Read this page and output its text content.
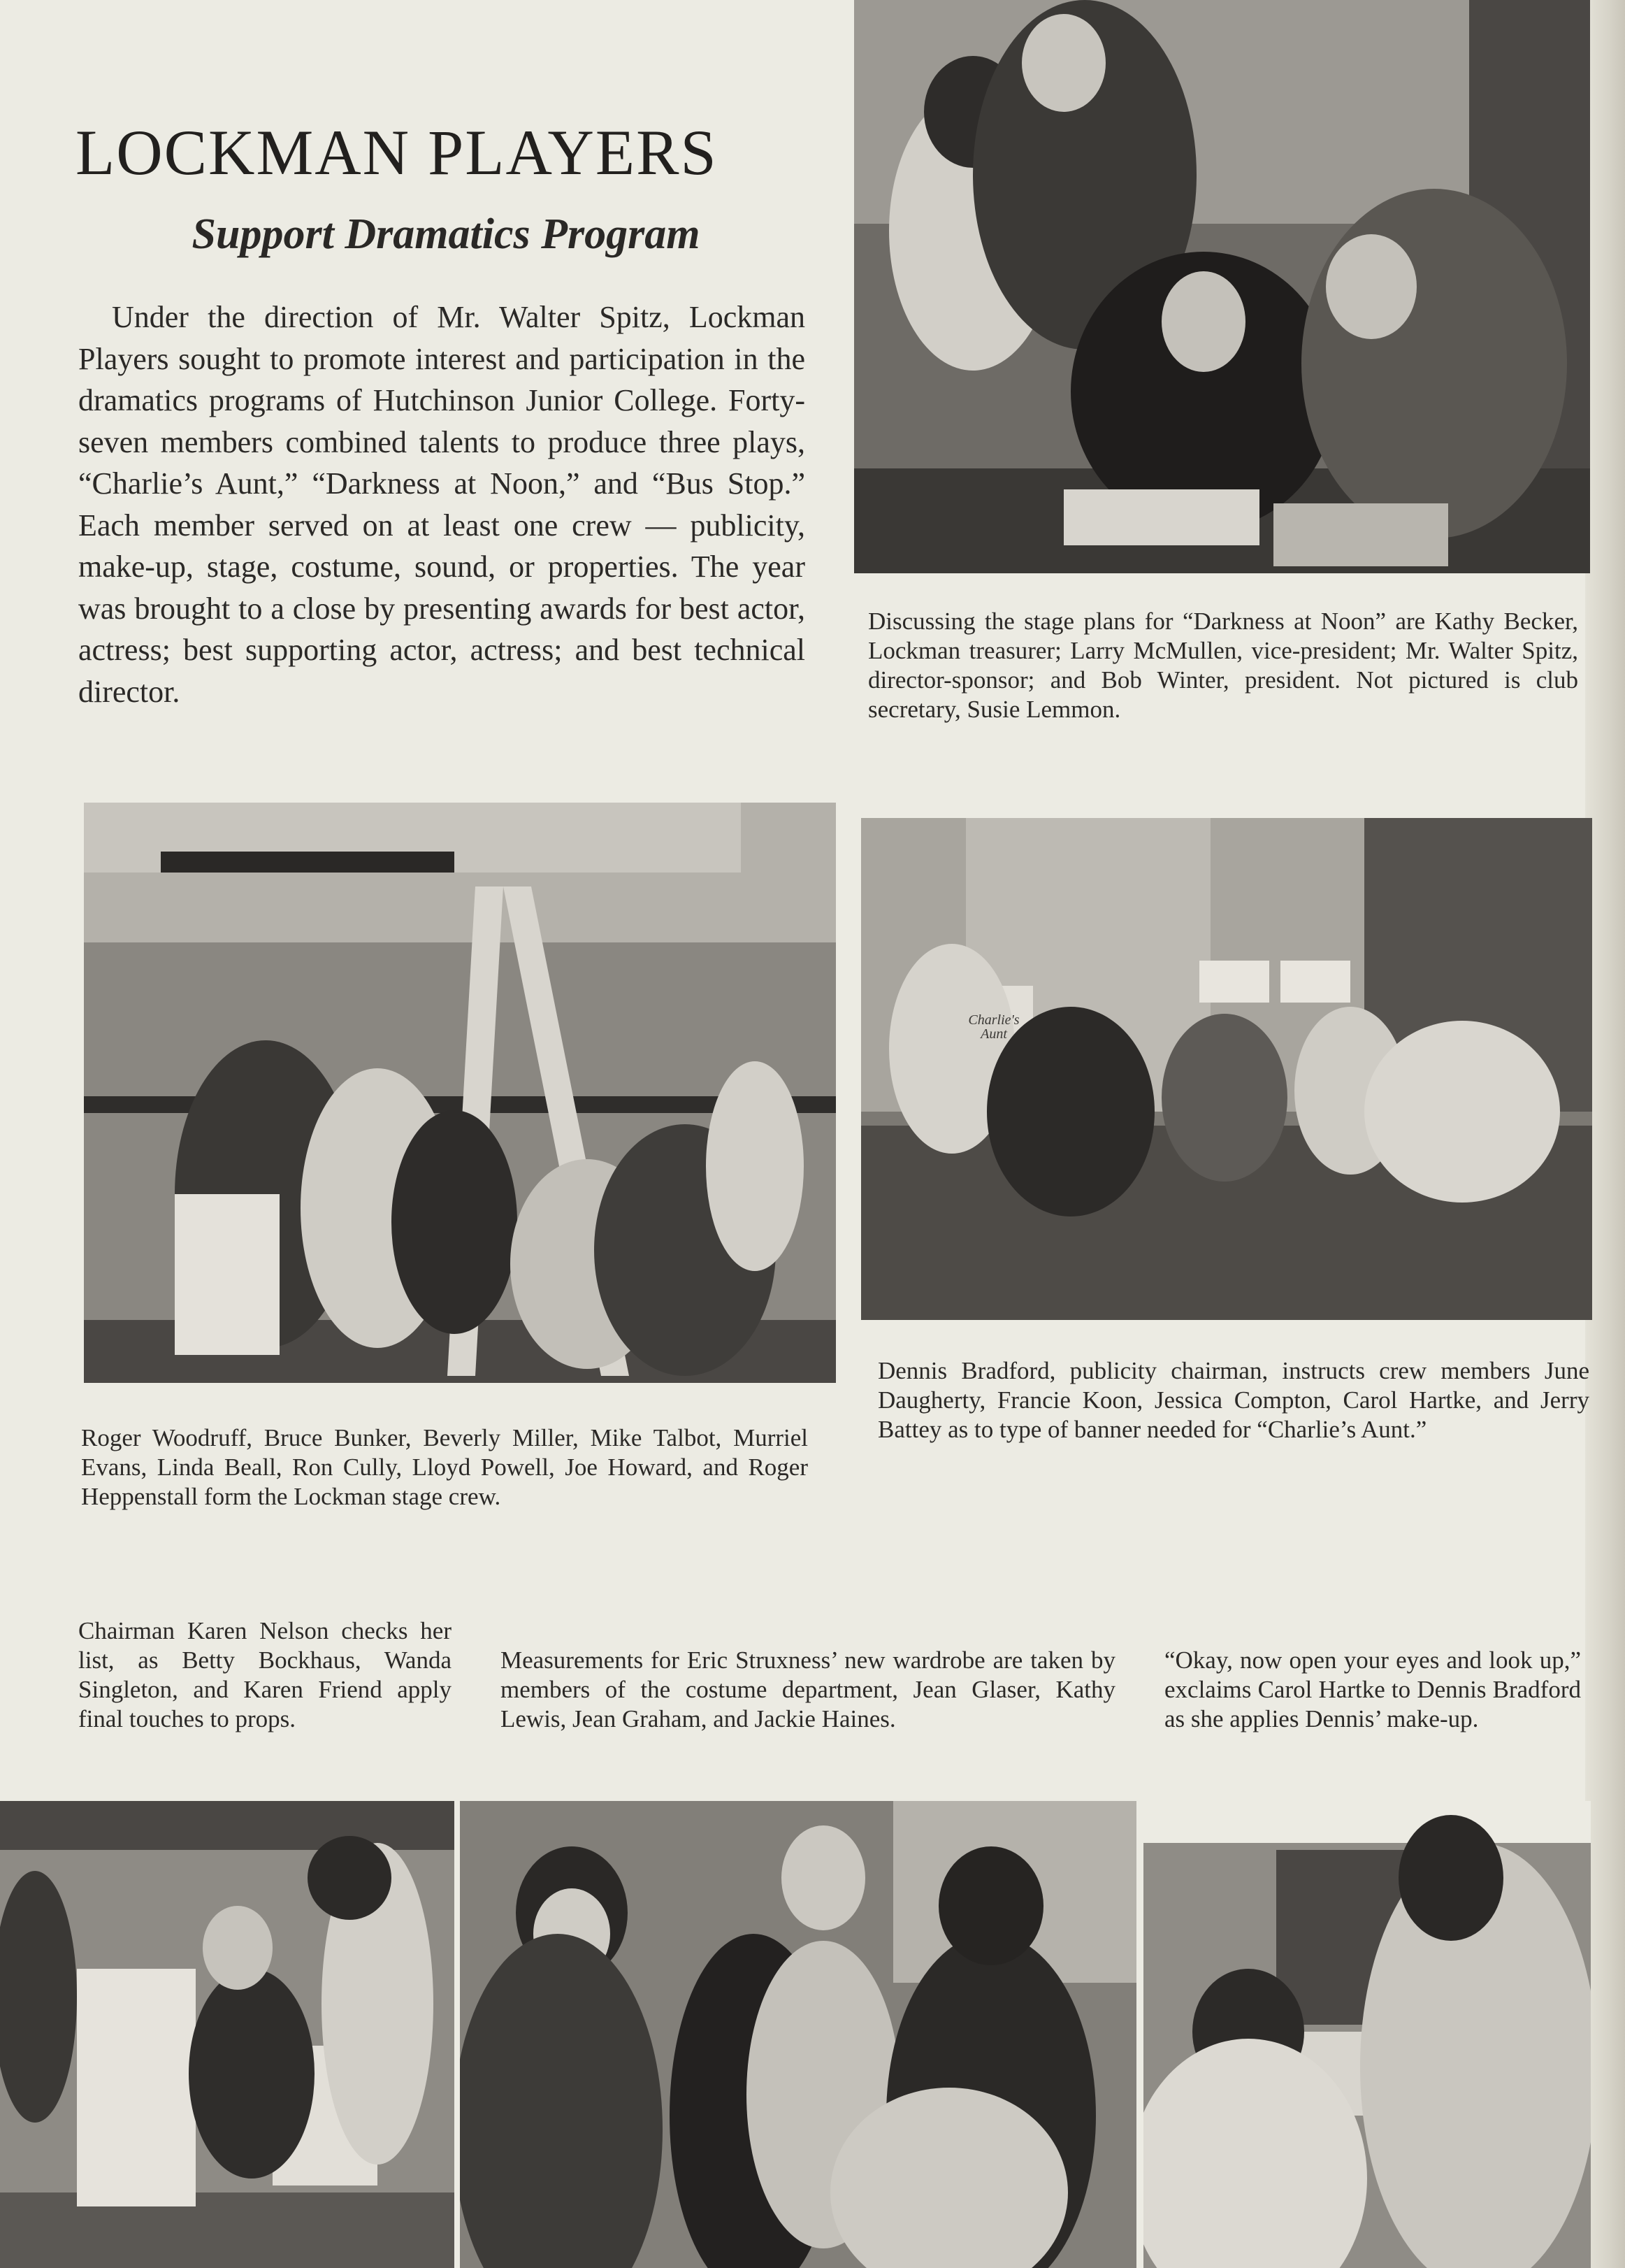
LOCKMAN PLAYERS
Support Dramatics Program

Under the direction of Mr. Walter Spitz, Lockman Players sought to promote interest and participation in the dramatics programs of Hutchinson Junior College. Forty-seven members combined talents to produce three plays, “Charlie’s Aunt,” “Darkness at Noon,” and “Bus Stop.” Each member served on at least one crew — publicity, make-up, stage, costume, sound, or properties. The year was brought to a close by presenting awards for best actor, actress; best supporting actor, actress; and best technical director.

Discussing the stage plans for “Darkness at Noon” are Kathy Becker, Lockman treasurer; Larry McMullen, vice-president; Mr. Walter Spitz, director-sponsor; and Bob Winter, president. Not pictured is club secretary, Susie Lemmon.

Roger Woodruff, Bruce Bunker, Beverly Miller, Mike Talbot, Murriel Evans, Linda Beall, Ron Cully, Lloyd Powell, Joe Howard, and Roger Heppenstall form the Lockman stage crew.

Charlie's Aunt

Dennis Bradford, publicity chairman, instructs crew members June Daugherty, Francie Koon, Jessica Compton, Carol Hartke, and Jerry Battey as to type of banner needed for “Charlie’s Aunt.”

Chairman Karen Nelson checks her list, as Betty Bockhaus, Wanda Singleton, and Karen Friend apply final touches to props.

Measurements for Eric Struxness’ new wardrobe are taken by members of the costume department, Jean Glaser, Kathy Lewis, Jean Graham, and Jackie Haines.

“Okay, now open your eyes and look up,” exclaims Carol Hartke to Dennis Bradford as she applies Dennis’ make-up.
